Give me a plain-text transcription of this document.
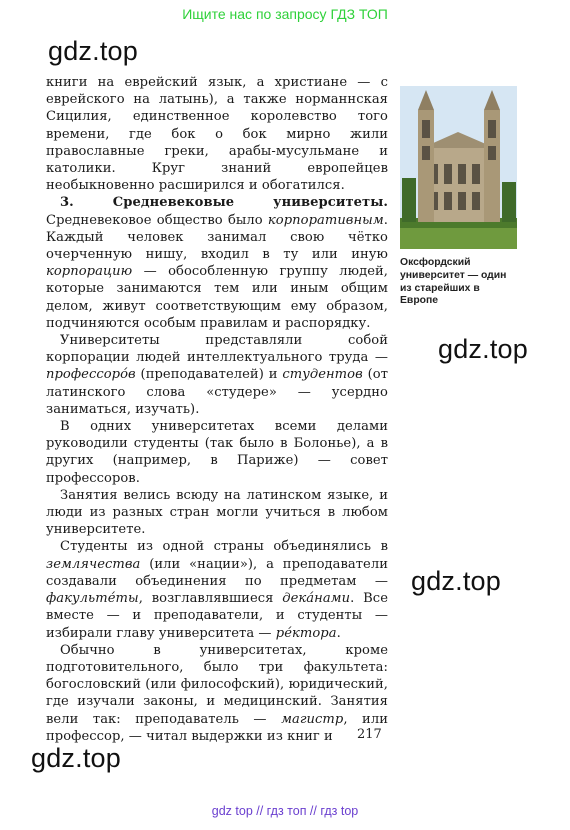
Ищите нас по запросу ГДЗ ТОП
gdz.top
gdz.top
gdz.top
gdz.top

книги на еврейский язык, а христиане — с еврейского на латынь), а также норманнская Сицилия, единственное королевство того времени, где бок о бок мирно жили православные греки, арабы-мусульмане и католики. Круг знаний европейцев необыкновенно расширился и обогатился.

3. Средневековые университеты. Средневековое общество было корпоративным. Каждый человек занимал свою чётко очерченную нишу, входил в ту или иную корпорацию — обособленную группу людей, которые занимаются тем или иным общим делом, живут соответствующим ему образом, подчиняются особым правилам и распорядку.

Университеты представляли собой корпорации людей интеллектуального труда — профессоро́в (преподавателей) и студентов (от латинского слова «студере» — усердно заниматься, изучать).

В одних университетах всеми делами руководили студенты (так было в Болонье), а в других (например, в Париже) — совет профессоров.

Занятия велись всюду на латинском языке, и люди из разных стран могли учиться в любом университете.

Студенты из одной страны объединялись в землячества (или «нации»), а преподаватели создавали объединения по предметам — факульте́ты, возглавлявшиеся дека́нами. Все вместе — и преподаватели, и студенты — избирали главу университета — ре́ктора.

Обычно в университетах, кроме подготовительного, было три факультета: богословский (или философский), юридический, где изучали законы, и медицинский. Занятия вели так: преподаватель — магистр, или профессор, — читал выдержки из книг и

Оксфордский университет — один из старейших в Европе
217
gdz top // гдз топ // гдз top
